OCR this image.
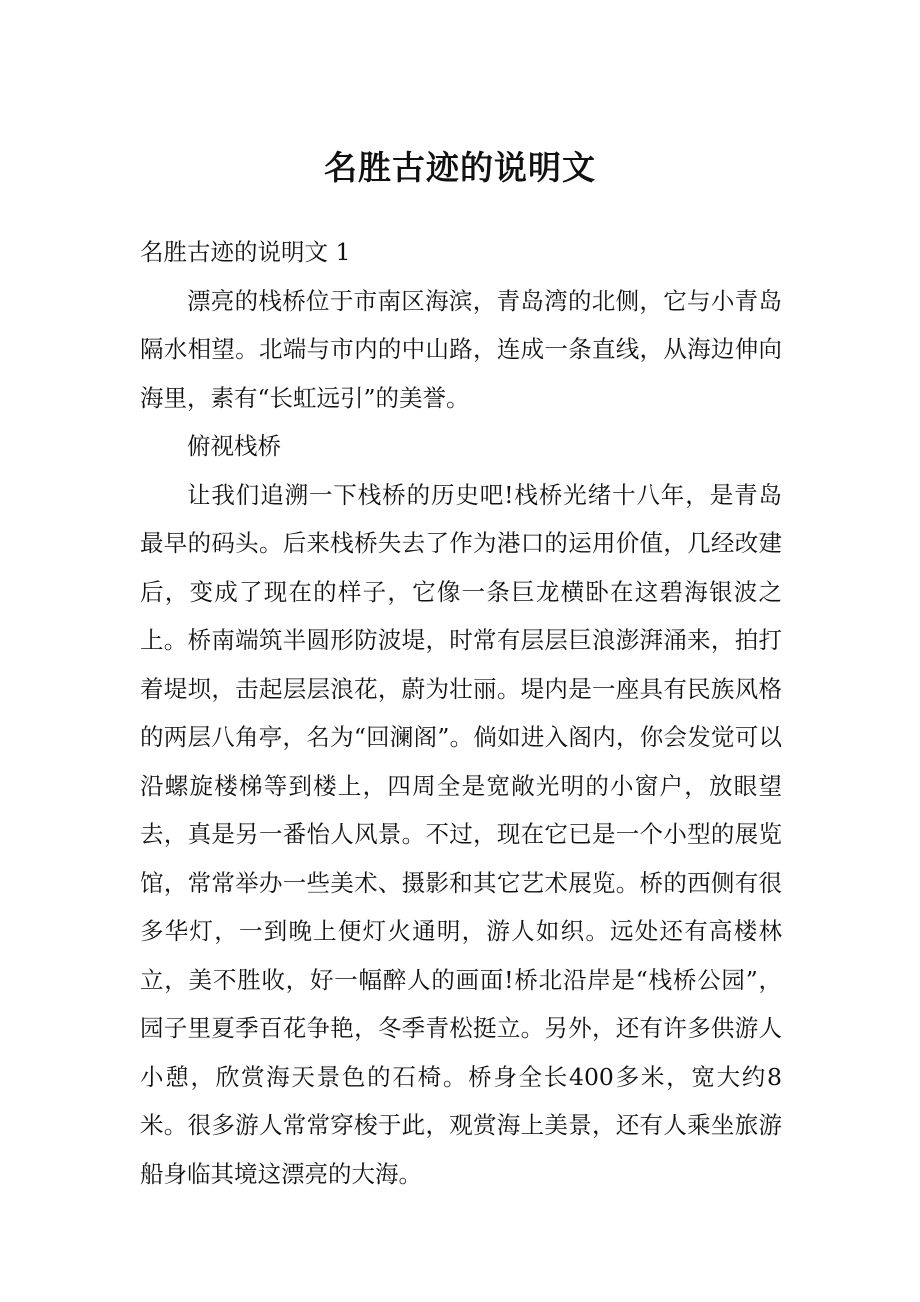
名胜古迹的说明文

名胜古迹的说明文 1

漂亮的栈桥位于市南区海滨，青岛湾的北侧，它与小青岛隔水相望。北端与市内的中山路，连成一条直线，从海边伸向海里，素有“长虹远引”的美誉。

俯视栈桥

让我们追溯一下栈桥的历史吧!栈桥光绪十八年，是青岛最早的码头。后来栈桥失去了作为港口的运用价值，几经改建后，变成了现在的样子，它像一条巨龙横卧在这碧海银波之上。桥南端筑半圆形防波堤，时常有层层巨浪澎湃涌来，拍打着堤坝，击起层层浪花，蔚为壮丽。堤内是一座具有民族风格的两层八角亭，名为“回澜阁”。倘如进入阁内，你会发觉可以沿螺旋楼梯等到楼上，四周全是宽敞光明的小窗户，放眼望去，真是另一番怡人风景。不过，现在它已是一个小型的展览馆，常常举办一些美术、摄影和其它艺术展览。桥的西侧有很多华灯，一到晚上便灯火通明，游人如织。远处还有高楼林立，美不胜收，好一幅醉人的画面!桥北沿岸是“栈桥公园”，园子里夏季百花争艳，冬季青松挺立。另外，还有许多供游人小憩，欣赏海天景色的石椅。桥身全长400多米，宽大约8米。很多游人常常穿梭于此，观赏海上美景，还有人乘坐旅游船身临其境这漂亮的大海。
